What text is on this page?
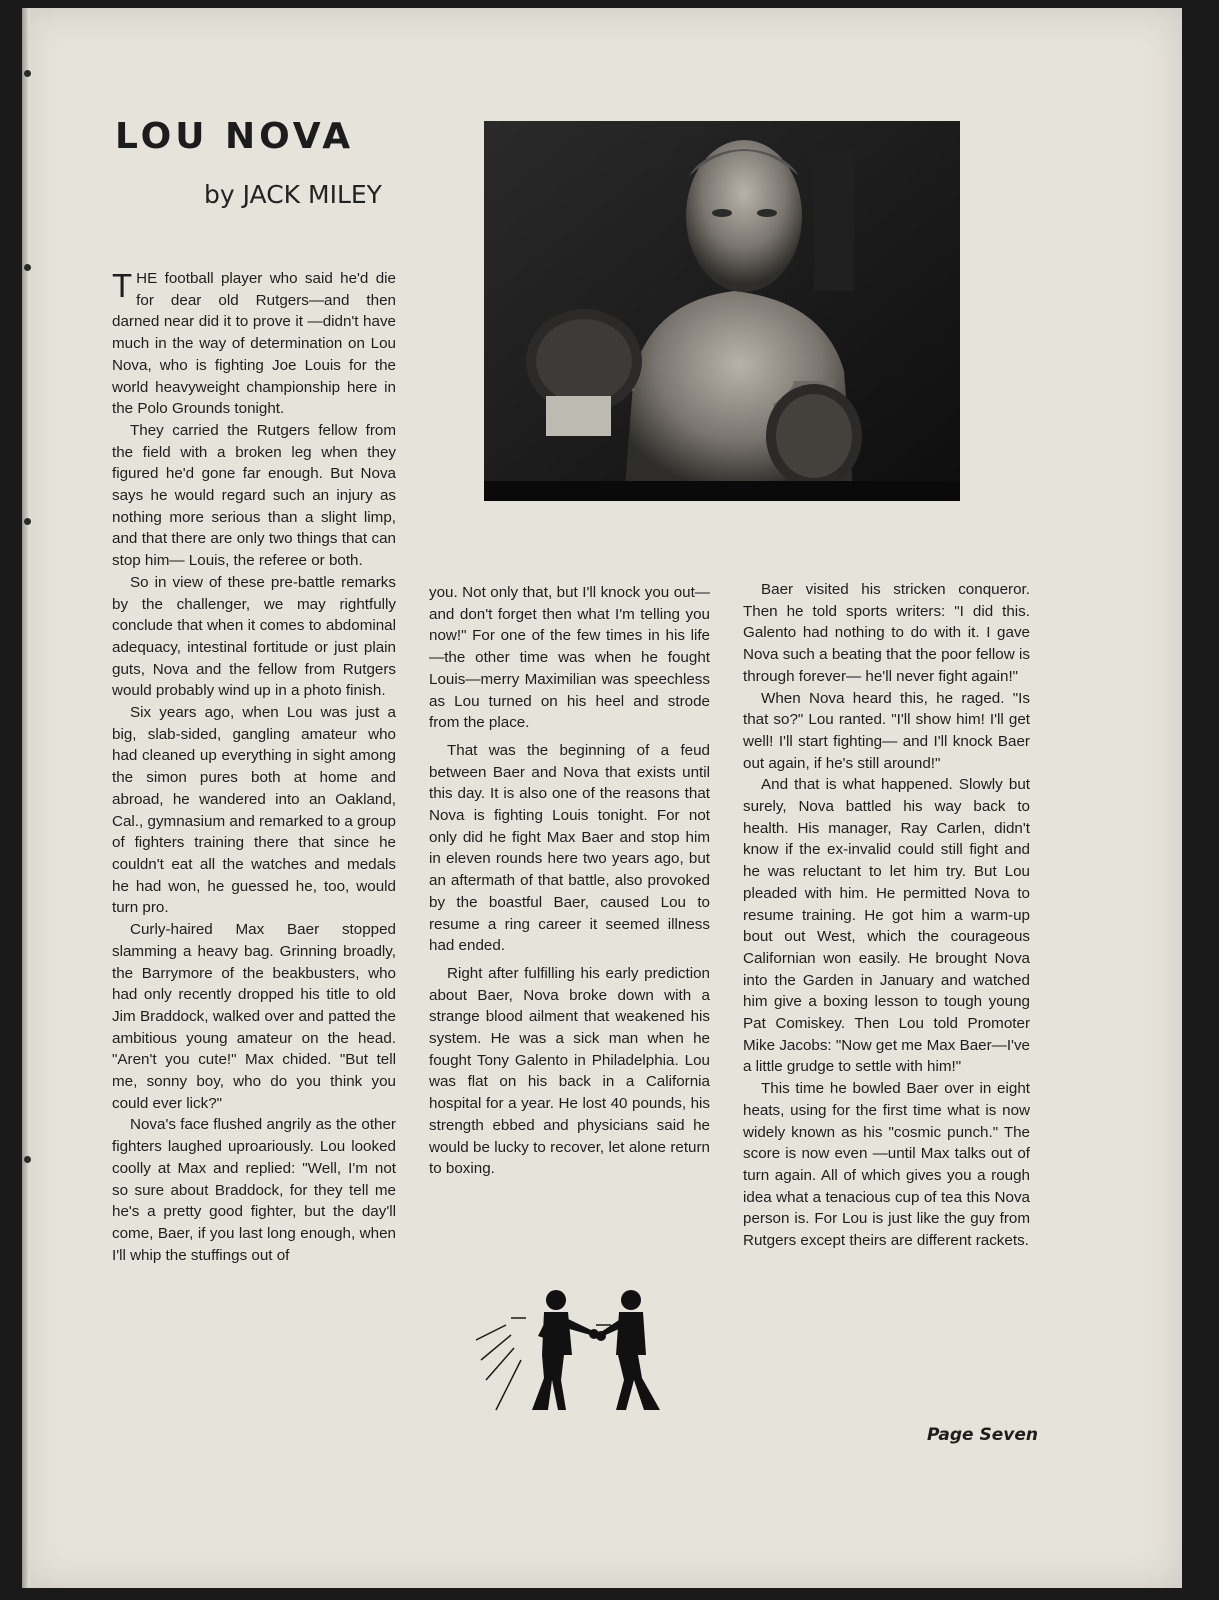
LOU NOVA
by JACK MILEY

THE football player who said he'd die for dear old Rutgers—and then darned near did it to prove it —didn't have much in the way of determination on Lou Nova, who is fighting Joe Louis for the world heavyweight championship here in the Polo Grounds tonight.

They carried the Rutgers fellow from the field with a broken leg when they figured he'd gone far enough. But Nova says he would regard such an injury as nothing more serious than a slight limp, and that there are only two things that can stop him— Louis, the referee or both.

So in view of these pre-battle remarks by the challenger, we may rightfully conclude that when it comes to abdominal adequacy, intestinal fortitude or just plain guts, Nova and the fellow from Rutgers would probably wind up in a photo finish.

Six years ago, when Lou was just a big, slab-sided, gangling amateur who had cleaned up everything in sight among the simon pures both at home and abroad, he wandered into an Oakland, Cal., gymnasium and remarked to a group of fighters training there that since he couldn't eat all the watches and medals he had won, he guessed he, too, would turn pro.

Curly-haired Max Baer stopped slamming a heavy bag. Grinning broadly, the Barrymore of the beakbusters, who had only recently dropped his title to old Jim Braddock, walked over and patted the ambitious young amateur on the head. "Aren't you cute!" Max chided. "But tell me, sonny boy, who do you think you could ever lick?"

Nova's face flushed angrily as the other fighters laughed uproariously. Lou looked coolly at Max and replied: "Well, I'm not so sure about Braddock, for they tell me he's a pretty good fighter, but the day'll come, Baer, if you last long enough, when I'll whip the stuffings out of

you. Not only that, but I'll knock you out—and don't forget then what I'm telling you now!" For one of the few times in his life—the other time was when he fought Louis—merry Maximilian was speechless as Lou turned on his heel and strode from the place.

That was the beginning of a feud between Baer and Nova that exists until this day. It is also one of the reasons that Nova is fighting Louis tonight. For not only did he fight Max Baer and stop him in eleven rounds here two years ago, but an aftermath of that battle, also provoked by the boastful Baer, caused Lou to resume a ring career it seemed illness had ended.

Right after fulfilling his early prediction about Baer, Nova broke down with a strange blood ailment that weakened his system. He was a sick man when he fought Tony Galento in Philadelphia. Lou was flat on his back in a California hospital for a year. He lost 40 pounds, his strength ebbed and physicians said he would be lucky to recover, let alone return to boxing.

Baer visited his stricken conqueror. Then he told sports writers: "I did this. Galento had nothing to do with it. I gave Nova such a beating that the poor fellow is through forever— he'll never fight again!"

When Nova heard this, he raged. "Is that so?" Lou ranted. "I'll show him! I'll get well! I'll start fighting— and I'll knock Baer out again, if he's still around!"

And that is what happened. Slowly but surely, Nova battled his way back to health. His manager, Ray Carlen, didn't know if the ex-invalid could still fight and he was reluctant to let him try. But Lou pleaded with him. He permitted Nova to resume training. He got him a warm-up bout out West, which the courageous Californian won easily. He brought Nova into the Garden in January and watched him give a boxing lesson to tough young Pat Comiskey. Then Lou told Promoter Mike Jacobs: "Now get me Max Baer—I've a little grudge to settle with him!"

This time he bowled Baer over in eight heats, using for the first time what is now widely known as his "cosmic punch." The score is now even —until Max talks out of turn again. All of which gives you a rough idea what a tenacious cup of tea this Nova person is. For Lou is just like the guy from Rutgers except theirs are different rackets.

Page Seven
